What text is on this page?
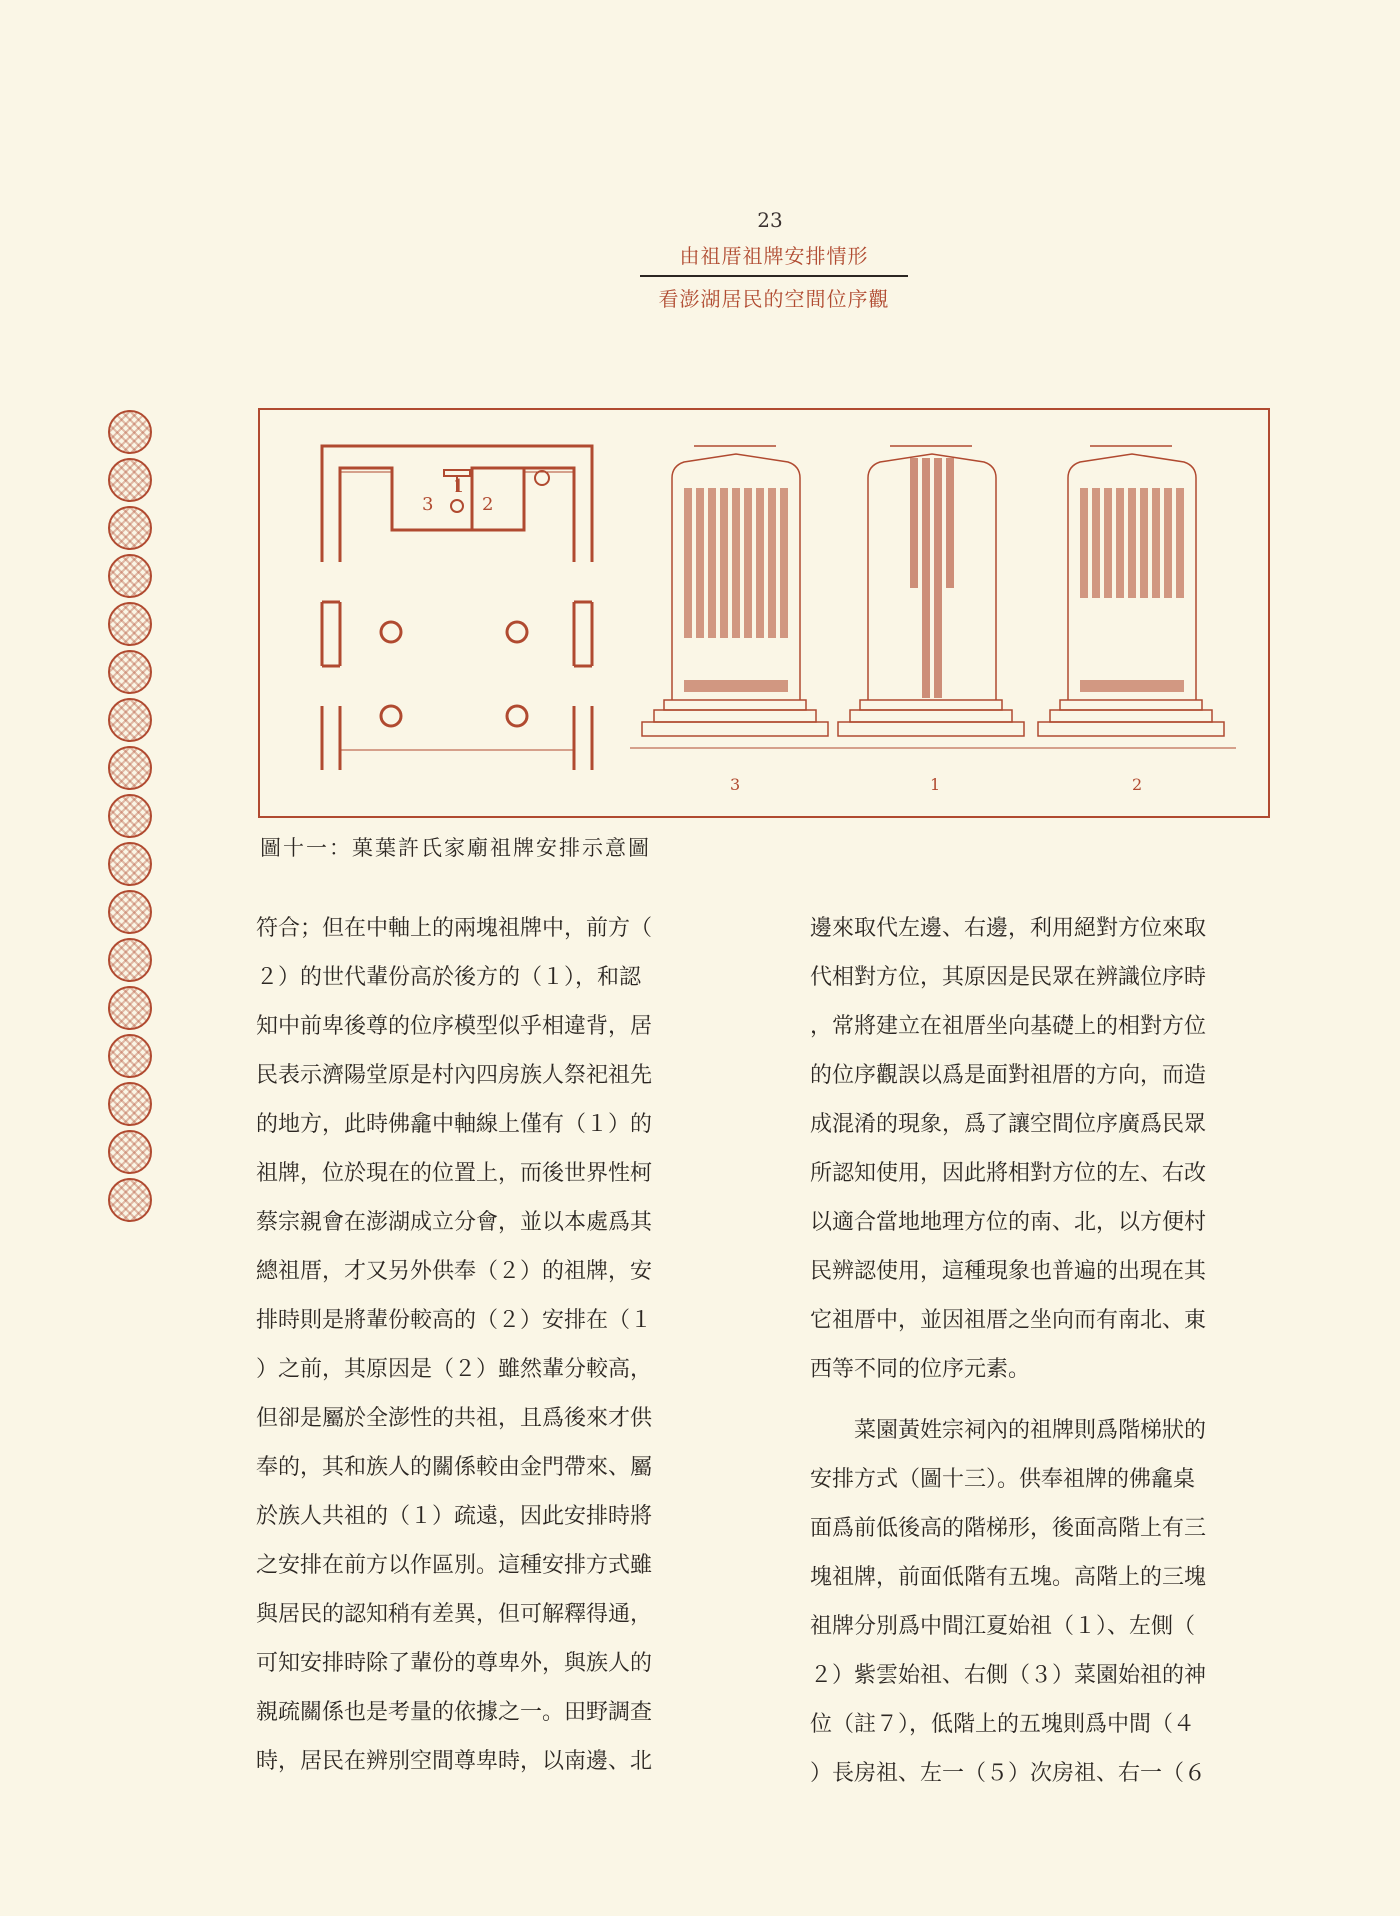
23
由祖厝祖牌安排情形
看澎湖居民的空間位序觀
3
1
2
3	1	2
圖十一：菓葉許氏家廟祖牌安排示意圖

符合；但在中軸上的兩塊祖牌中，前方（

２）的世代輩份高於後方的（１），和認

知中前卑後尊的位序模型似乎相違背，居

民表示濟陽堂原是村內四房族人祭祀祖先

的地方，此時佛龕中軸線上僅有（１）的

祖牌，位於現在的位置上，而後世界性柯

蔡宗親會在澎湖成立分會，並以本處爲其

總祖厝，才又另外供奉（２）的祖牌，安

排時則是將輩份較高的（２）安排在（１

）之前，其原因是（２）雖然輩分較高，

但卻是屬於全澎性的共祖，且爲後來才供

奉的，其和族人的關係較由金門帶來、屬

於族人共祖的（１）疏遠，因此安排時將

之安排在前方以作區別。這種安排方式雖

與居民的認知稍有差異，但可解釋得通，

可知安排時除了輩份的尊卑外，與族人的

親疏關係也是考量的依據之一。田野調查

時，居民在辨別空間尊卑時，以南邊、北

邊來取代左邊、右邊，利用絕對方位來取

代相對方位，其原因是民眾在辨識位序時

，常將建立在祖厝坐向基礎上的相對方位

的位序觀誤以爲是面對祖厝的方向，而造

成混淆的現象，爲了讓空間位序廣爲民眾

所認知使用，因此將相對方位的左、右改

以適合當地地理方位的南、北，以方便村

民辨認使用，這種現象也普遍的出現在其

它祖厝中，並因祖厝之坐向而有南北、東

西等不同的位序元素。

　　菜園黃姓宗祠內的祖牌則爲階梯狀的

安排方式（圖十三）。供奉祖牌的佛龕桌

面爲前低後高的階梯形，後面高階上有三

塊祖牌，前面低階有五塊。高階上的三塊

祖牌分別爲中間江夏始祖（１）、左側（

２）紫雲始祖、右側（３）菜園始祖的神

位（註７），低階上的五塊則爲中間（４

）長房祖、左一（５）次房祖、右一（６
